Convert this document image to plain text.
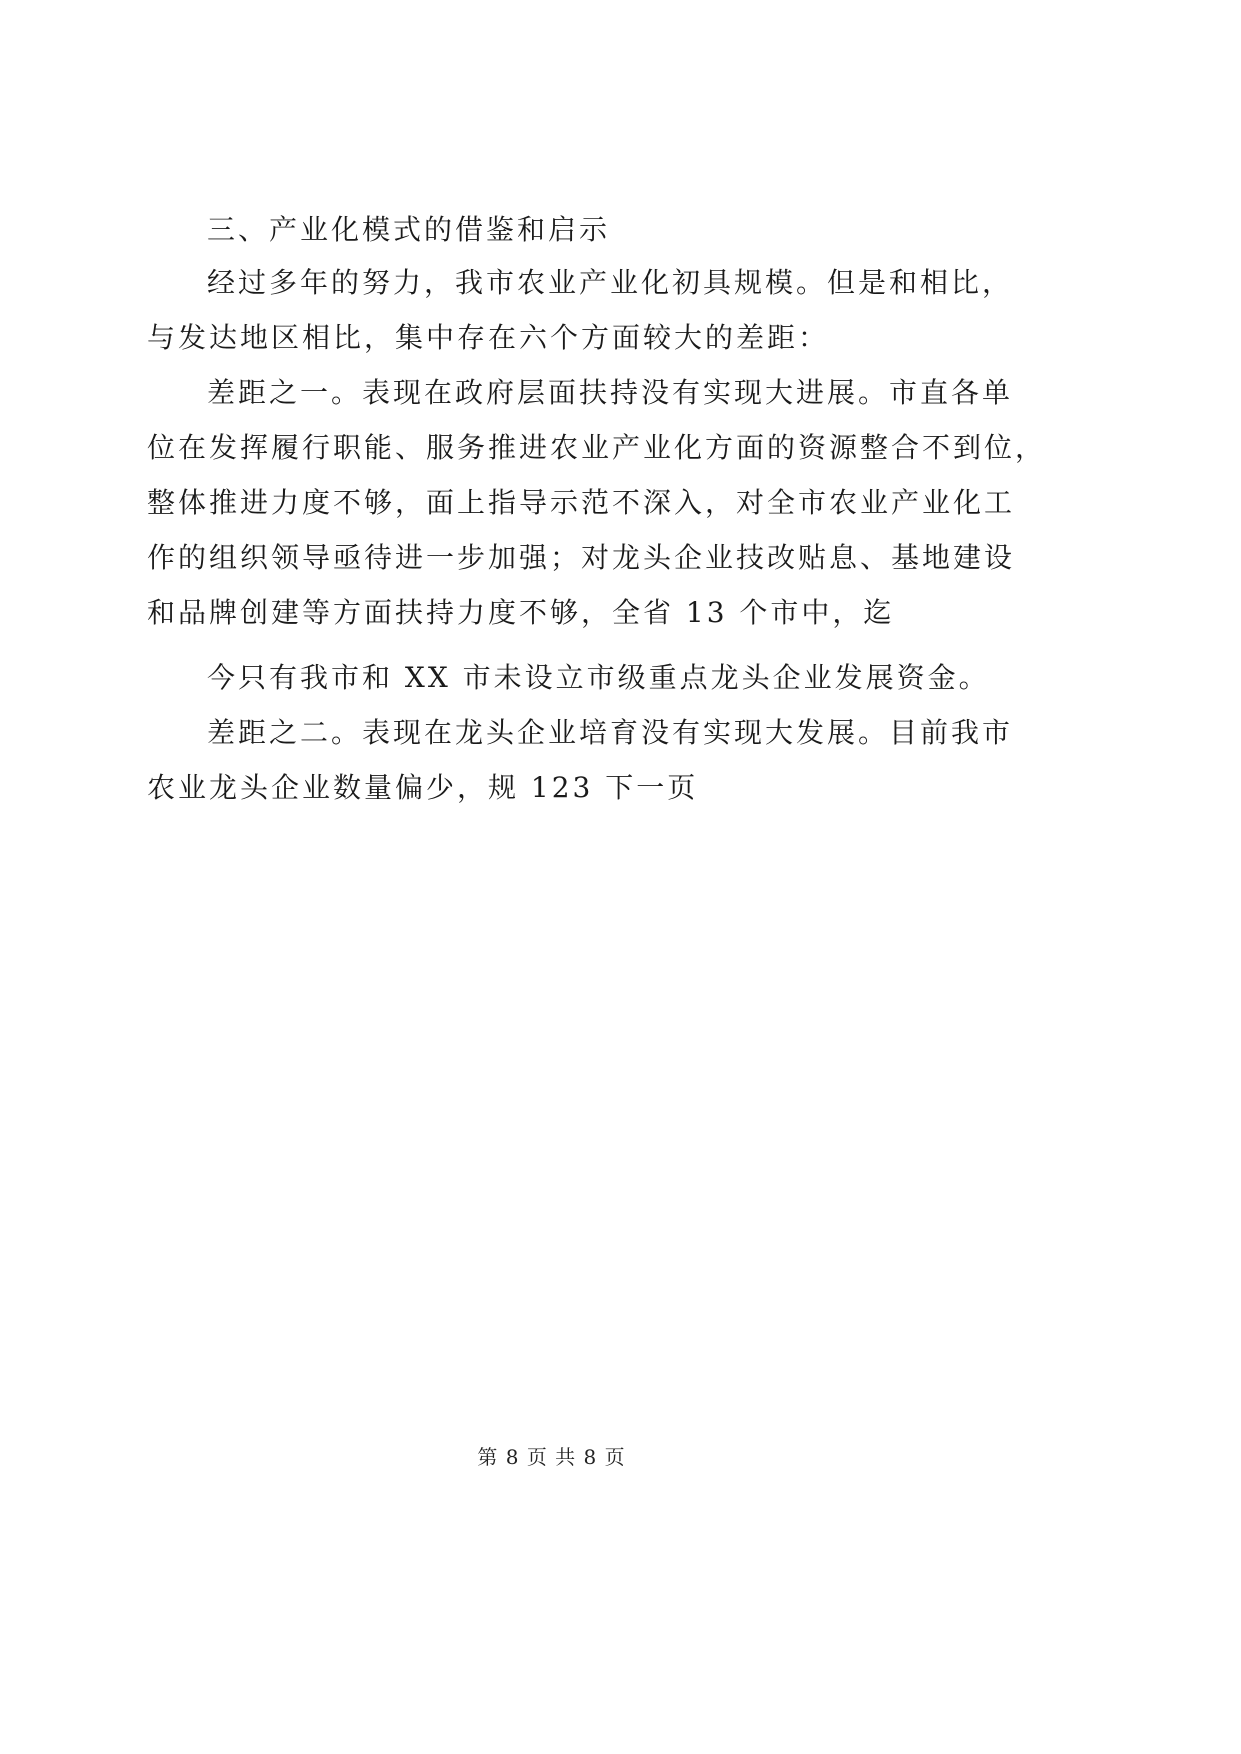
三、产业化模式的借鉴和启示
经过多年的努力，我市农业产业化初具规模。但是和相比，
与发达地区相比，集中存在六个方面较大的差距：
差距之一。表现在政府层面扶持没有实现大进展。市直各单
位在发挥履行职能、服务推进农业产业化方面的资源整合不到位，
整体推进力度不够，面上指导示范不深入，对全市农业产业化工
作的组织领导亟待进一步加强；对龙头企业技改贴息、基地建设
和品牌创建等方面扶持力度不够，全省 13 个市中，迄
今只有我市和 XX 市未设立市级重点龙头企业发展资金。
差距之二。表现在龙头企业培育没有实现大发展。目前我市
农业龙头企业数量偏少，规 123 下一页
第 8 页 共 8 页
